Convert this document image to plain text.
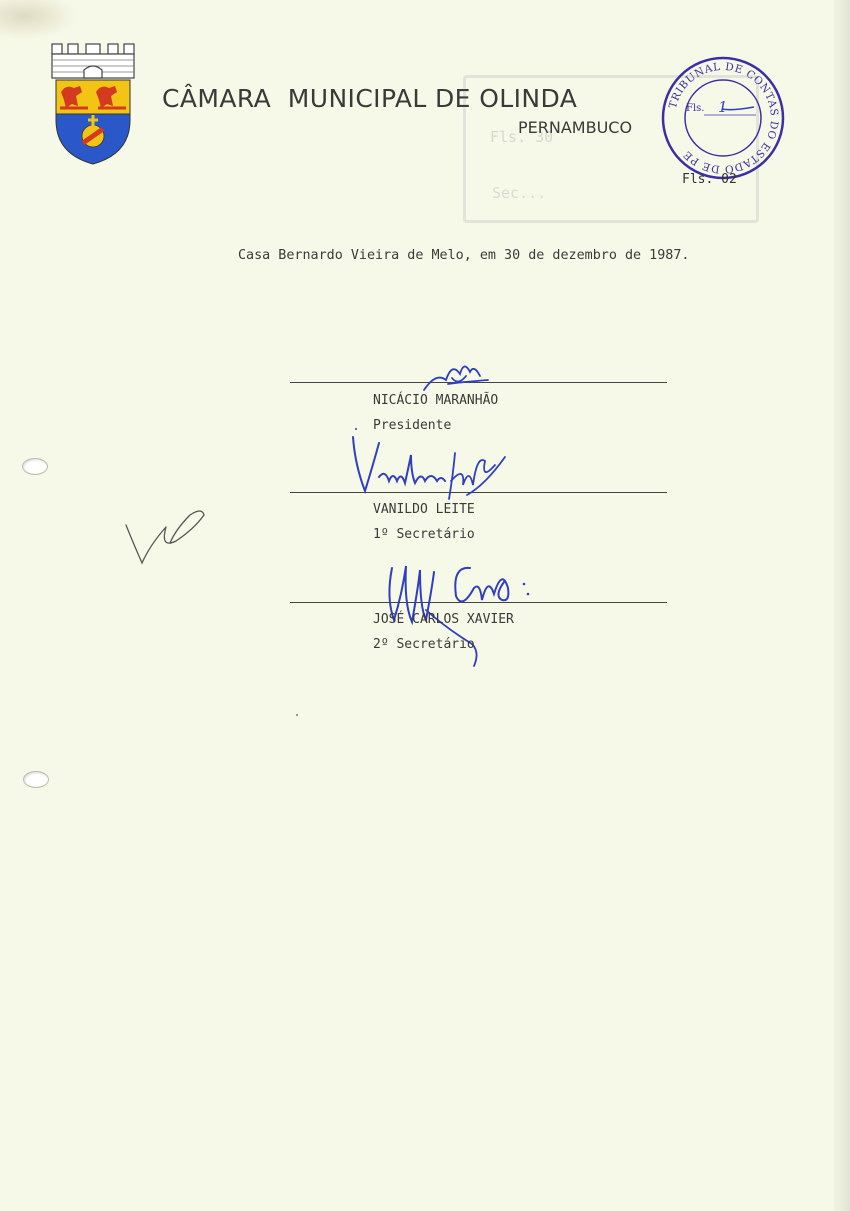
CÂMARA  MUNICIPAL DE OLINDA
PERNAMBUCO
Fls. 30
Sec...
TRIBUNAL DE CONTAS DO ESTADO DE PE
Fls. 1
Fls. 02
Casa Bernardo Vieira de Melo, em 30 de dezembro de 1987.
NICÁCIO MARANHÃO
Presidente
VANILDO LEITE
1º Secretário
JOSÉ CARLOS XAVIER
2º Secretário
